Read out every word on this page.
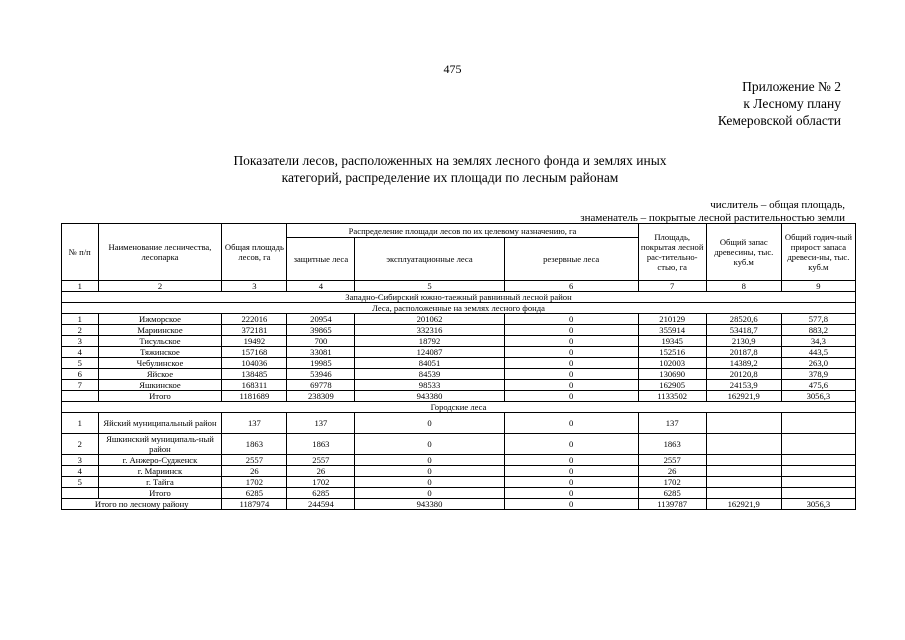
475
Приложение № 2
к Лесному плану
Кемеровской области
Показатели лесов, расположенных на землях лесного фонда и землях иных
категорий, распределение их площади по лесным районам
числитель – общая площадь,
знаменатель – покрытые лесной растительностью земли
№ п/п	Наименование лесничества, лесопарка	Общая площадь лесов, га	Распределение площади лесов по их целевому назначению, га			Площадь, покрытая лесной рас-тительно-стью, га	Общий запас древесины, тыс. куб.м	Общий годич-ный прирост запаса древеси-ны, тыс. куб.м
			защитные леса	эксплуатационные леса	резервные леса			
1	2	3	4	5	6	7	8	9
Западно-Сибирский южно-таежный равнинный лесной район								
Леса, расположенные на землях лесного фонда								
1	Ижморское	222016	20954	201062	0	210129	28520,6	577,8
2	Мариинское	372181	39865	332316	0	355914	53418,7	883,2
3	Тисульское	19492	700	18792	0	19345	2130,9	34,3
4	Тяжинское	157168	33081	124087	0	152516	20187,8	443,5
5	Чебулинское	104036	19985	84051	0	102003	14389,2	263,0
6	Яйское	138485	53946	84539	0	130690	20120,8	378,9
7	Яшкинское	168311	69778	98533	0	162905	24153,9	475,6
	Итого	1181689	238309	943380	0	1133502	162921,9	3056,3
Городские леса								
1	Яйский муниципальный район	137	137	0	0	137		
2	Яшкинский муниципаль-ный район	1863	1863	0	0	1863		
3	г. Анжеро-Судженск	2557	2557	0	0	2557		
4	г. Мариинск	26	26	0	0	26		
5	г. Тайга	1702	1702	0	0	1702		
	Итого	6285	6285	0	0	6285		
Итого по лесному району		1187974	244594	943380	0	1139787	162921,9	3056,3
